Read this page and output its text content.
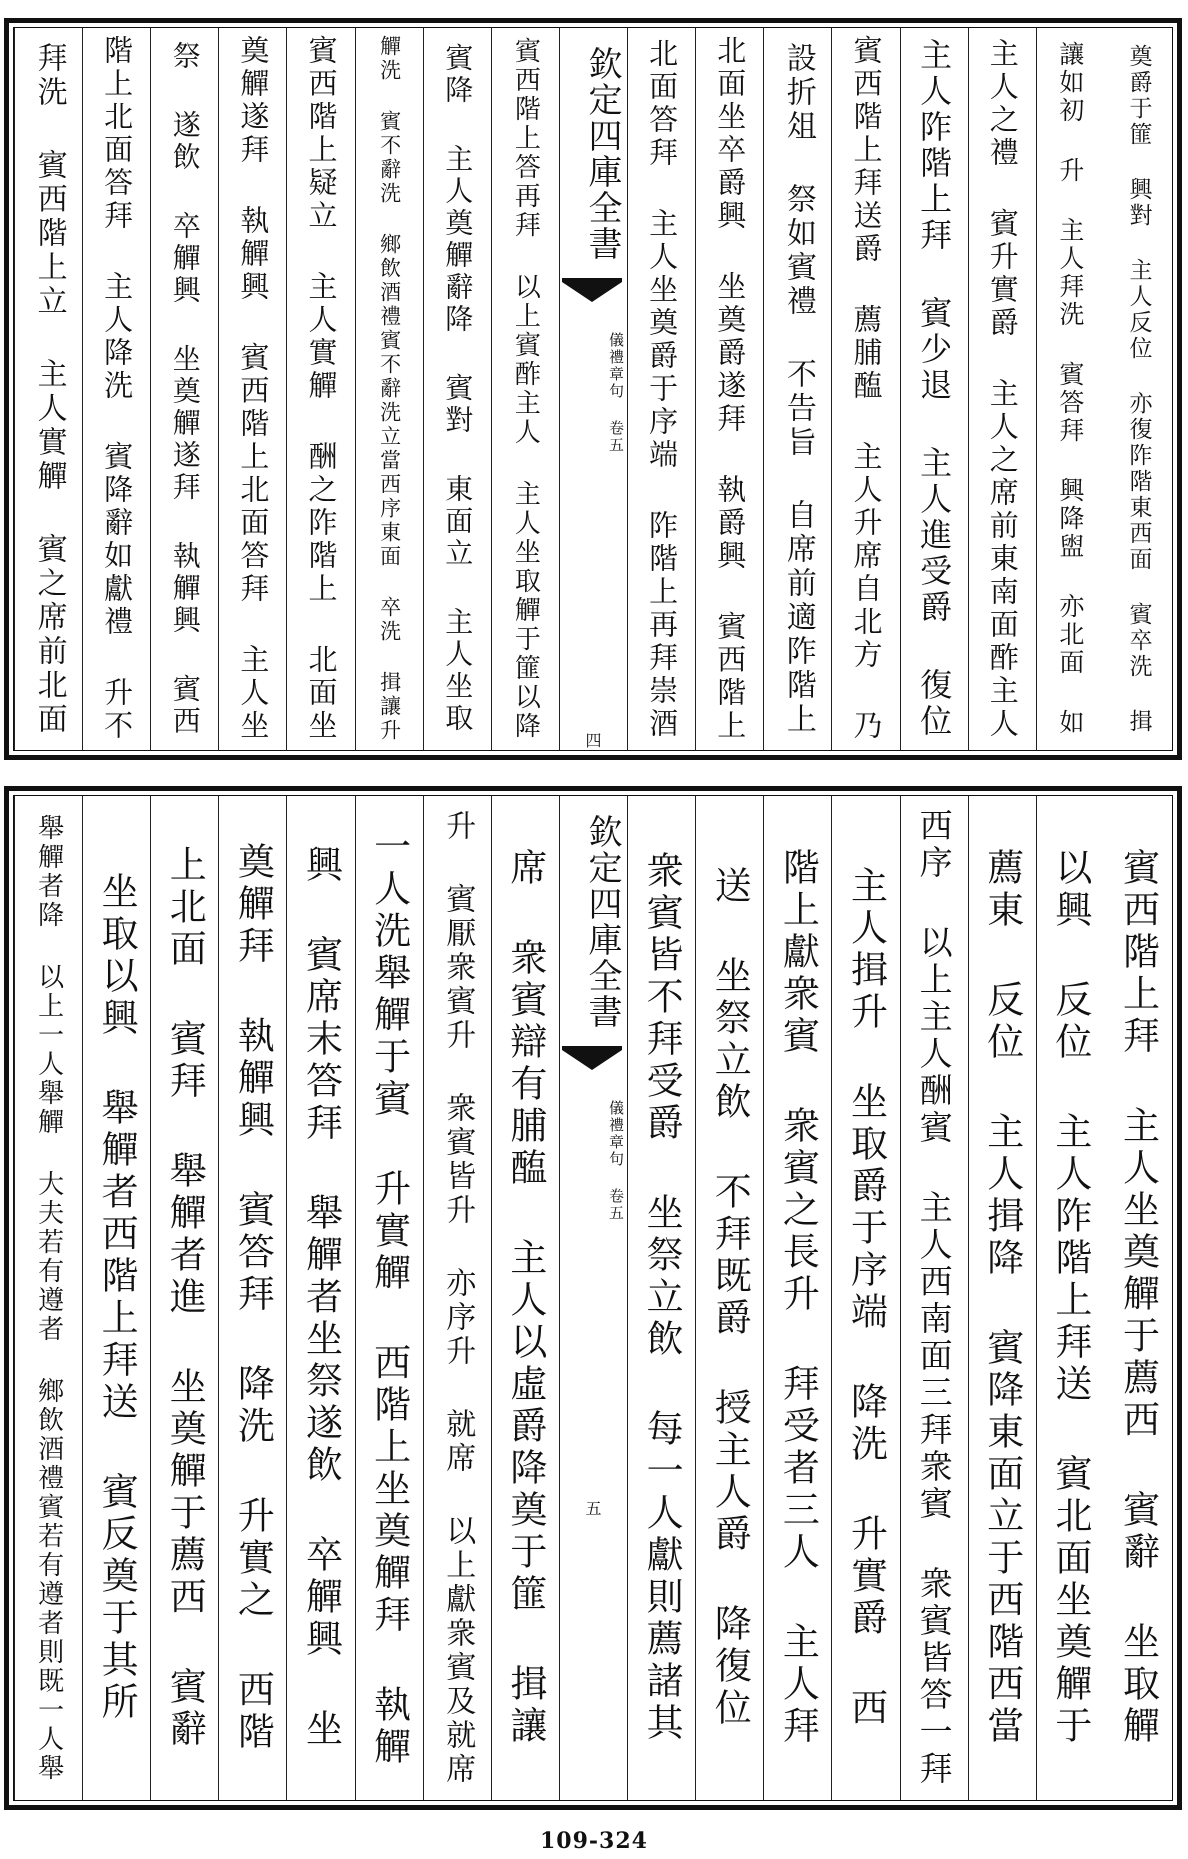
奠爵于篚 興對 主人反位 亦復阼階東西面 賓卒洗 揖
讓如初 升 主人拜洗 賓答拜 興降盥 亦北面 如
主人之禮 賓升實爵 主人之席前東南面酢主人
主人阼階上拜 賓少退 主人進受爵 復位
賓西階上拜送爵 薦脯醢 主人升席自北方 乃
設折俎 祭如賓禮 不告旨 自席前適阼階上
北面坐卒爵興 坐奠爵遂拜 執爵興 賓西階上
北面答拜 主人坐奠爵于序端 阼階上再拜崇酒
欽定四庫全書
儀禮章句 卷五
四
賓西階上答再拜 以上賓酢主人 主人坐取觶于篚以降
賓降 主人奠觶辭降 賓對 東面立 主人坐取
觶洗 賓不辭洗 鄉飲酒禮賓不辭洗立當西序東面 卒洗 揖讓升
賓西階上疑立 主人實觶 酬之阼階上 北面坐
奠觶遂拜 執觶興 賓西階上北面答拜 主人坐
祭 遂飲 卒觶興 坐奠觶遂拜 執觶興 賓西
階上北面答拜 主人降洗 賓降辭如獻禮 升不
拜洗 賓西階上立 主人實觶 賓之席前北面
賓西階上拜 主人坐奠觶于薦西 賓辭 坐取觶
以興 反位 主人阼階上拜送 賓北面坐奠觶于
薦東 反位 主人揖降 賓降東面立于西階西當
西序 以上主人酬賓 主人西南面三拜衆賓 衆賓皆答一拜
主人揖升 坐取爵于序端 降洗 升實爵 西
階上獻衆賓 衆賓之長升 拜受者三人 主人拜
送 坐祭立飲 不拜既爵 授主人爵 降復位
衆賓皆不拜受爵 坐祭立飲 每一人獻則薦諸其
欽定四庫全書
儀禮章句 卷五
五
席 衆賓辯有脯醢 主人以虛爵降奠于篚 揖讓
升 賓厭衆賓升 衆賓皆升 亦序升 就席 以上獻衆賓及就席
一人洗舉觶于賓 升實觶 西階上坐奠觶拜 執觶
興 賓席末答拜 舉觶者坐祭遂飲 卒觶興 坐
奠觶拜 執觶興 賓答拜 降洗 升實之 西階
上北面 賓拜 舉觶者進 坐奠觶于薦西 賓辭
坐取以興 舉觶者西階上拜送 賓反奠于其所
舉觶者降 以上一人舉觶 大夫若有遵者 鄉飲酒禮賓若有遵者則既一人舉
109-324
